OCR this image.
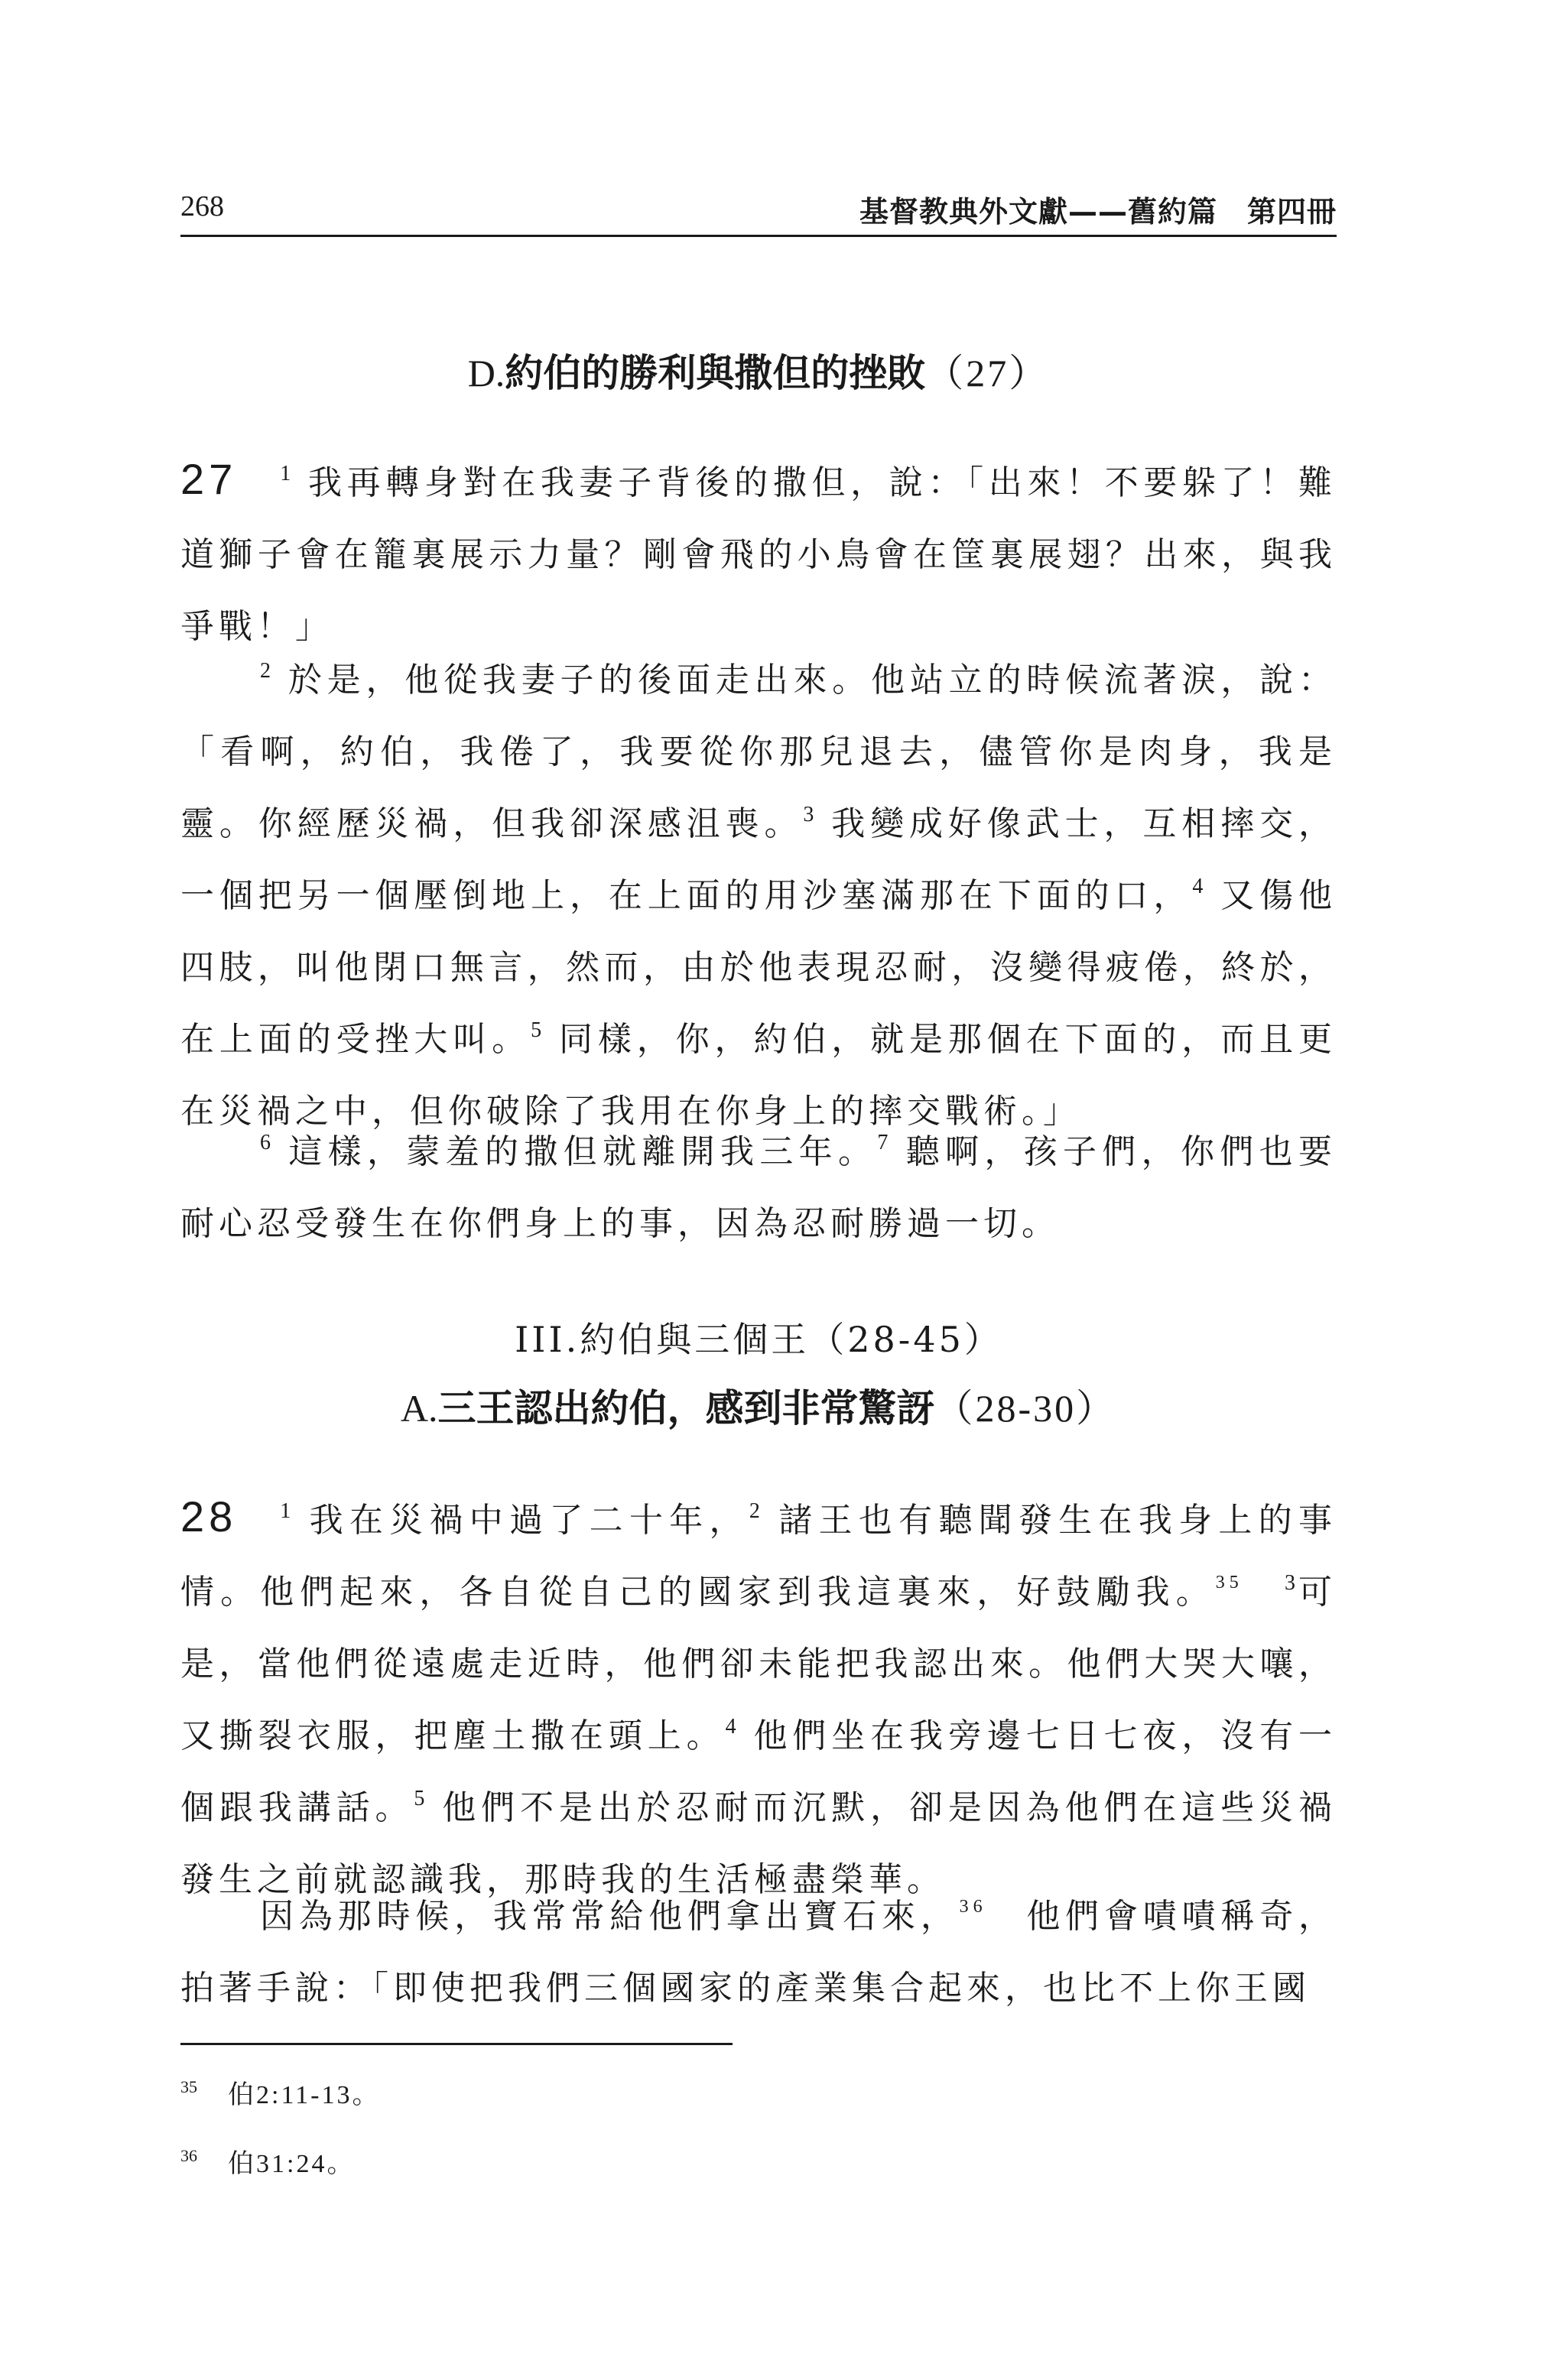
268	基督教典外文獻——舊約篇　第四冊
D.約伯的勝利與撒但的挫敗（27）

27 $^1$ 我再轉身對在我妻子背後的撒但，說：「出來！不要躲了！難道獅子會在籠裏展示力量？剛會飛的小鳥會在筐裏展翅？出來，與我爭戰！」

$^2$ 於是，他從我妻子的後面走出來。他站立的時候流著淚，說：「看啊，約伯，我倦了，我要從你那兒退去，儘管你是肉身，我是靈。你經歷災禍，但我卻深感沮喪。$^3$ 我變成好像武士，互相摔交，一個把另一個壓倒地上，在上面的用沙塞滿那在下面的口，$^4$ 又傷他四肢，叫他閉口無言，然而，由於他表現忍耐，沒變得疲倦，終於，在上面的受挫大叫。$^5$ 同樣，你，約伯，就是那個在下面的，而且更在災禍之中，但你破除了我用在你身上的摔交戰術。」

$^6$ 這樣，蒙羞的撒但就離開我三年。$^7$ 聽啊，孩子們，你們也要耐心忍受發生在你們身上的事，因為忍耐勝過一切。

III.約伯與三個王（28-45）
A.三王認出約伯，感到非常驚訝（28-30）

28 $^1$ 我在災禍中過了二十年，$^2$ 諸王也有聽聞發生在我身上的事情。他們起來，各自從自己的國家到我這裏來，好鼓勵我。$^{35}$　 $^3$可是，當他們從遠處走近時，他們卻未能把我認出來。他們大哭大嚷，又撕裂衣服，把塵土撒在頭上。$^4$ 他們坐在我旁邊七日七夜，沒有一個跟我講話。$^5$ 他們不是出於忍耐而沉默，卻是因為他們在這些災禍發生之前就認識我，那時我的生活極盡榮華。

因為那時候，我常常給他們拿出寶石來，$^{36}$　 他們會嘖嘖稱奇，拍著手說：「即使把我們三個國家的產業集合起來，也比不上你王國

$^{35}$ 伯2:11-13。
$^{36}$ 伯31:24。
